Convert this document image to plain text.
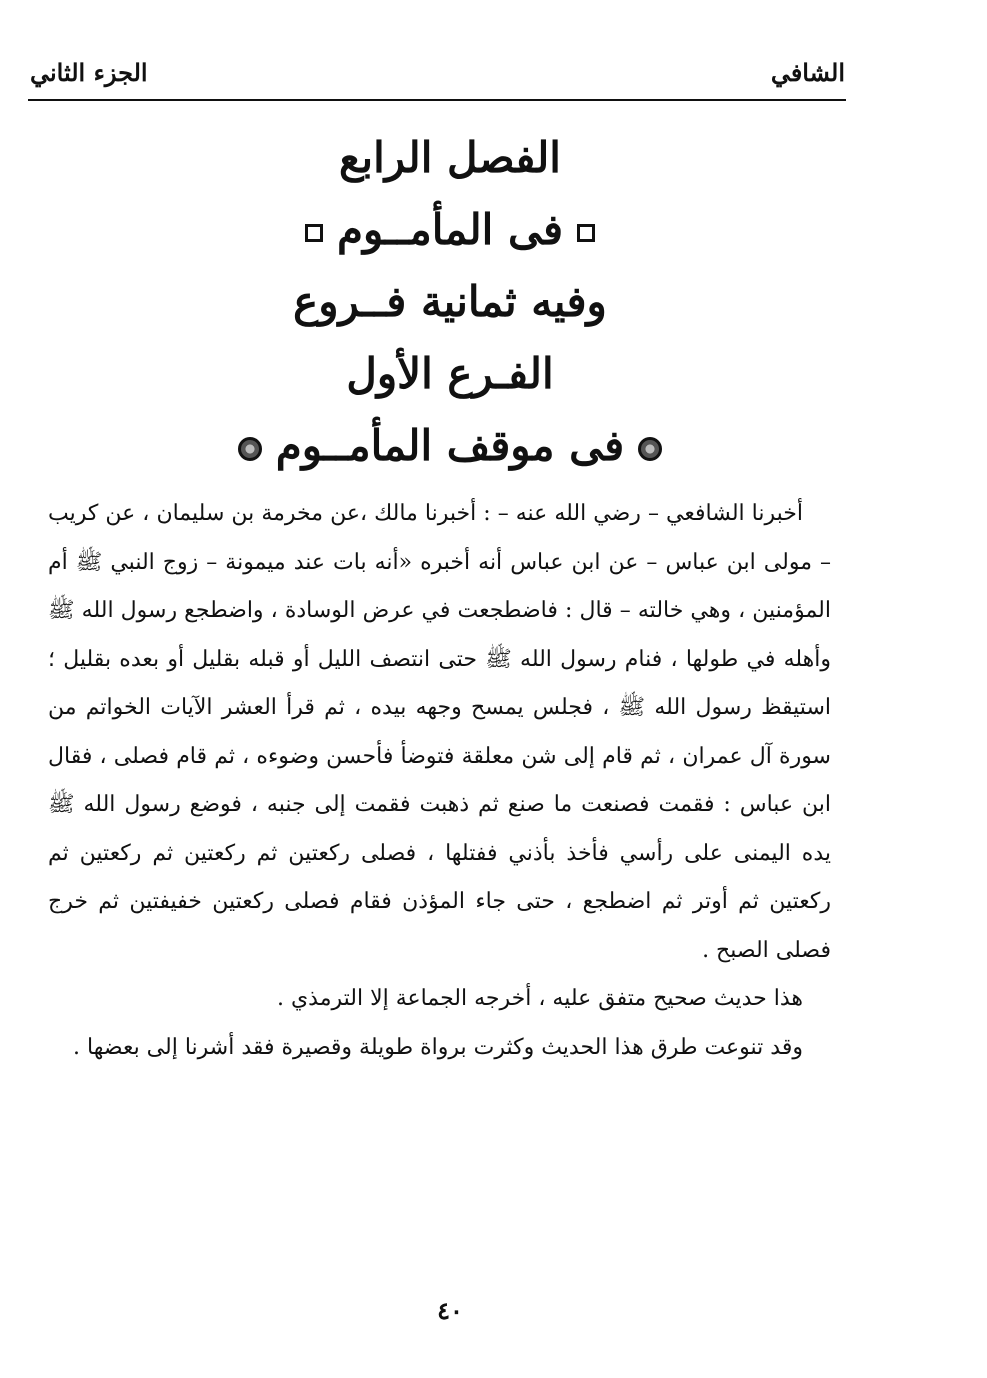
الشافي
الجزء الثاني
الفصل الرابع
فى المأمــوم
وفيه ثمانية فــروع
الفـرع الأول
فى موقف المأمــوم

أخبرنا الشافعي – رضي الله عنه – : أخبرنا مالك ،عن مخرمة بن سليمان ، عن كريب – مولى ابن عباس – عن ابن عباس أنه أخبره «أنه بات عند ميمونة – زوج النبي ﷺ أم المؤمنين ، وهي خالته – قال : فاضطجعت في عرض الوسادة ، واضطجع رسول الله ﷺ وأهله في طولها ، فنام رسول الله ﷺ حتى انتصف الليل أو قبله بقليل أو بعده بقليل ؛ استيقظ رسول الله ﷺ ، فجلس يمسح وجهه بيده ، ثم قرأ العشر الآيات الخواتم من سورة آل عمران ، ثم قام إلى شن معلقة فتوضأ فأحسن وضوءه ، ثم قام فصلى ، فقال ابن عباس : فقمت فصنعت ما صنع ثم ذهبت فقمت إلى جنبه ، فوضع رسول الله ﷺ يده اليمنى على رأسي فأخذ بأذني ففتلها ، فصلى ركعتين ثم ركعتين ثم ركعتين ثم ركعتين ثم أوتر ثم اضطجع ، حتى جاء المؤذن فقام فصلى ركعتين خفيفتين ثم خرج فصلى الصبح .

هذا حديث صحيح متفق عليه ، أخرجه الجماعة إلا الترمذي .

وقد تنوعت طرق هذا الحديث وكثرت برواة طويلة وقصيرة فقد أشرنا إلى بعضها .

٤٠
